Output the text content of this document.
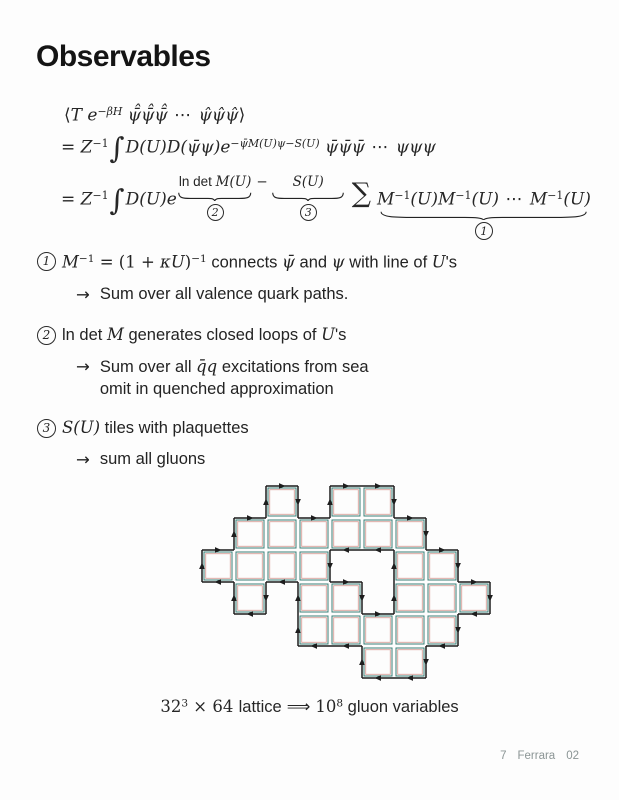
Observables
⟨T $e^{-\beta H}$ ψ̄̂ψ̄̂ψ̄̂ ⋯ ψ̂ψ̂ψ̂⟩
= $Z^{-1}\int D(U)D(\psī\psi)e^{-\psīM(U)\psi-S(U)}$ ψ̄ψ̄ψ̄ ⋯ ψψψ
= $Z^{-1}\int D(U)e$
ln det M(U)
2
− S(U)
3
∑ $M^{-1}(U)M^{-1}(U)$ ⋯ $M^{-1}(U)$
1
1 $M^{-1} = (1 + \kappa U)^{-1}$ connects ψ̄ and ψ with line of U's
→ Sum over all valence quark paths.
2 ln det M generates closed loops of U's
→ Sum over all q̄q excitations from sea
omit in quenched approximation
3 S(U) tiles with plaquettes
→ sum all gluons
$32^3 \times 64$ lattice ⟹ $10^8$ gluon variables
7 Ferrara 02
